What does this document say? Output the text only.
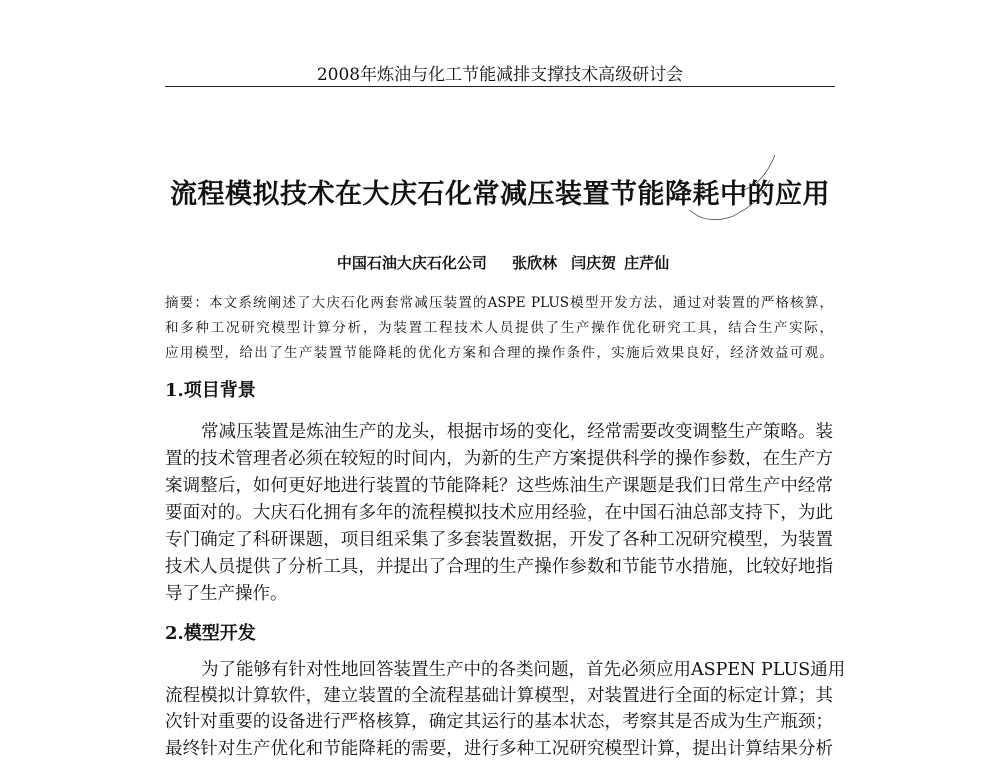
2008年炼油与化工节能减排支撑技术高级研讨会
流程模拟技术在大庆石化常减压装置节能降耗中的应用
中国石油大庆石化公司 张欣林 闫庆贺 庄芹仙
摘要：本文系统阐述了大庆石化两套常减压装置的ASPE PLUS模型开发方法，通过对装置的严格核算，
和多种工况研究模型计算分析，为装置工程技术人员提供了生产操作优化研究工具，结合生产实际，
应用模型，给出了生产装置节能降耗的优化方案和合理的操作条件，实施后效果良好，经济效益可观。
1.项目背景
常减压装置是炼油生产的龙头，根据市场的变化，经常需要改变调整生产策略。装
置的技术管理者必须在较短的时间内，为新的生产方案提供科学的操作参数，在生产方
案调整后，如何更好地进行装置的节能降耗？这些炼油生产课题是我们日常生产中经常
要面对的。大庆石化拥有多年的流程模拟技术应用经验，在中国石油总部支持下，为此
专门确定了科研课题，项目组采集了多套装置数据，开发了各种工况研究模型，为装置
技术人员提供了分析工具，并提出了合理的生产操作参数和节能节水措施，比较好地指
导了生产操作。
2.模型开发
为了能够有针对性地回答装置生产中的各类问题，首先必须应用ASPEN PLUS通用
流程模拟计算软件，建立装置的全流程基础计算模型，对装置进行全面的标定计算；其
次针对重要的设备进行严格核算，确定其运行的基本状态，考察其是否成为生产瓶颈；
最终针对生产优化和节能降耗的需要，进行多种工况研究模型计算，提出计算结果分析
